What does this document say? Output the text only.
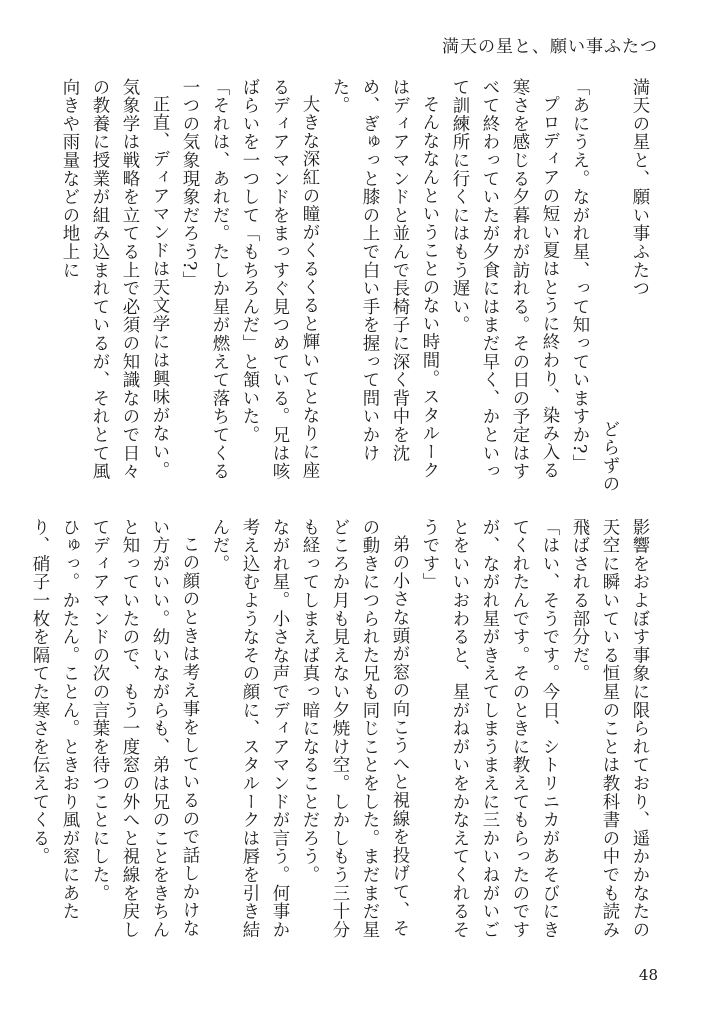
満天の星と、願い事ふたつ
満天の星と、願い事ふたつ
どらずの

「あにうえ。ながれ星、って知っていますか?」

プロディアの短い夏はとうに終わり、染み入る寒さを感じる夕暮れが訪れる。その日の予定はすべて終わっていたが夕食にはまだ早く、かといって訓練所に行くにはもう遅い。

そんななんということのない時間。スタルークはディアマンドと並んで長椅子に深く背中を沈め、ぎゅっと膝の上で白い手を握って問いかけた。

大きな深紅の瞳がくるくると輝いてとなりに座るディアマンドをまっすぐ見つめている。兄は咳ばらいを一つして「もちろんだ」と頷いた。

「それは、あれだ。たしか星が燃えて落ちてくる一つの気象現象だろう?」

正直、ディアマンドは天文学には興味がない。気象学は戦略を立てる上で必須の知識なので日々の教養に授業が組み込まれているが、それとて風向きや雨量などの地上に

影響をおよぼす事象に限られており、遥かかなたの天空に瞬いている恒星のことは教科書の中でも読み飛ばされる部分だ。

「はい、そうです。今日、シトリニカがあそびにきてくれたんです。そのときに教えてもらったのですが、ながれ星がきえてしまうまえに三かいねがいごとをいいおわると、星がねがいをかなえてくれるそうです」

弟の小さな頭が窓の向こうへと視線を投げて、その動きにつられた兄も同じことをした。まだまだ星どころか月も見えない夕焼け空。しかしもう三十分も経ってしまえば真っ暗になることだろう。

ながれ星。小さな声でディアマンドが言う。何事か考え込むようなその顔に、スタルークは唇を引き結んだ。

この顔のときは考え事をしているので話しかけない方がいい。幼いながらも、弟は兄のことをきちんと知っていたので、もう一度窓の外へと視線を戻してディアマンドの次の言葉を待つことにした。

ひゅっ。かたん。ことん。ときおり風が窓にあたり、硝子一枚を隔てた寒さを伝えてくる。

48
